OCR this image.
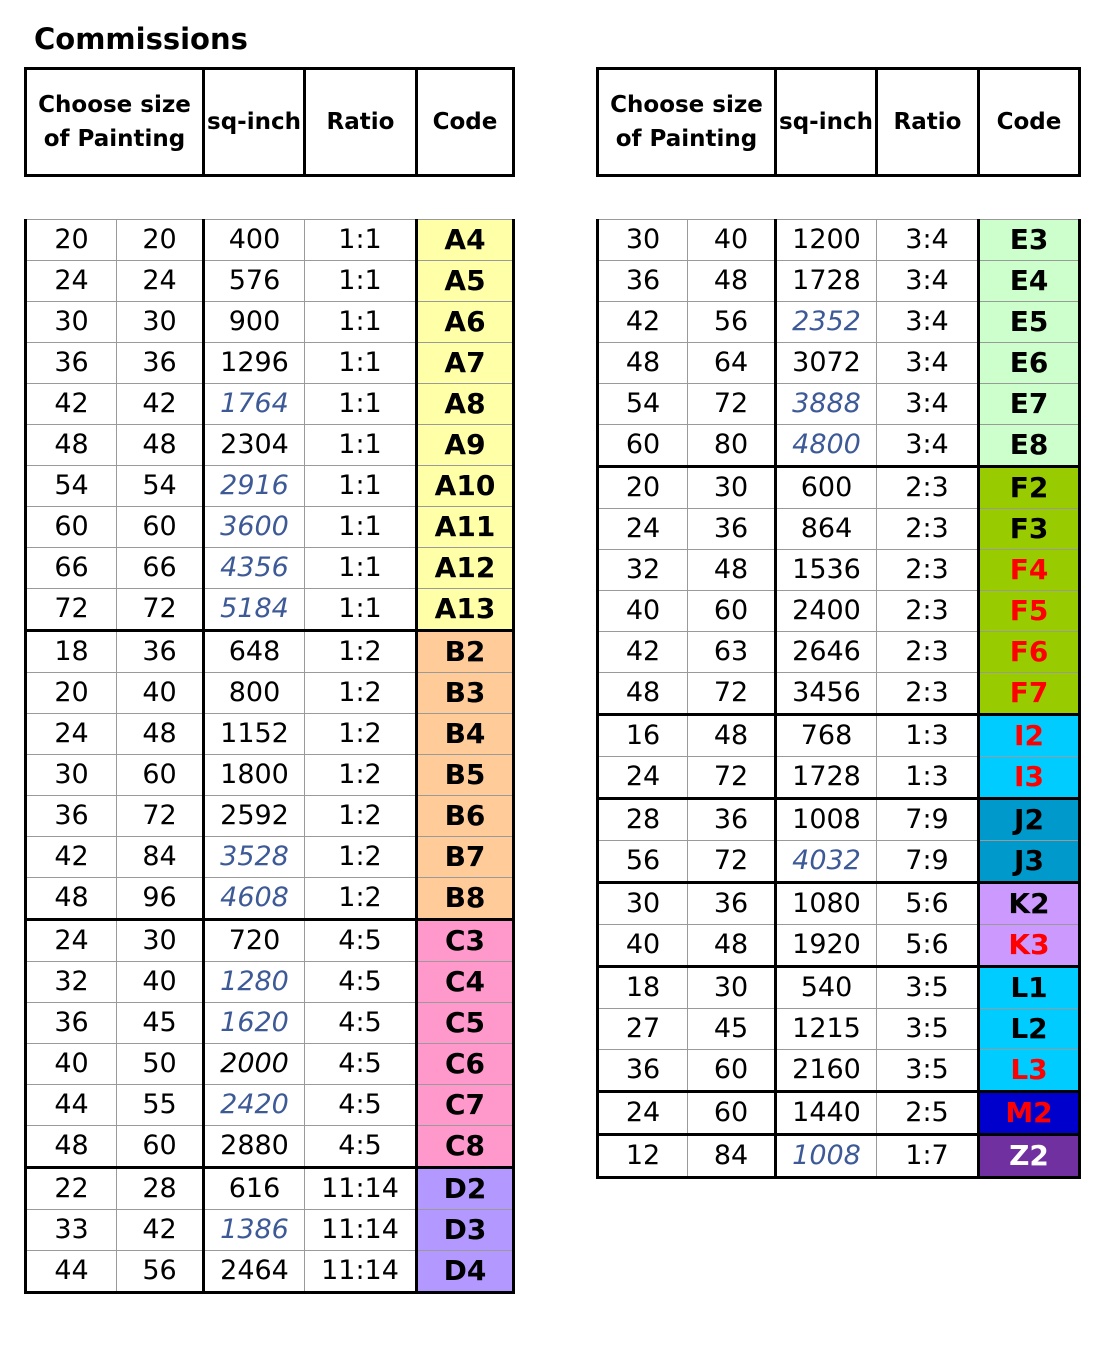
Commissions
Choose size of Painting	sq-inch	Ratio	Code
Choose size of Painting	sq-inch	Ratio	Code
20	20	400	1:1	A4
24	24	576	1:1	A5
30	30	900	1:1	A6
36	36	1296	1:1	A7
42	42	1764	1:1	A8
48	48	2304	1:1	A9
54	54	2916	1:1	A10
60	60	3600	1:1	A11
66	66	4356	1:1	A12
72	72	5184	1:1	A13
18	36	648	1:2	B2
20	40	800	1:2	B3
24	48	1152	1:2	B4
30	60	1800	1:2	B5
36	72	2592	1:2	B6
42	84	3528	1:2	B7
48	96	4608	1:2	B8
24	30	720	4:5	C3
32	40	1280	4:5	C4
36	45	1620	4:5	C5
40	50	2000	4:5	C6
44	55	2420	4:5	C7
48	60	2880	4:5	C8
22	28	616	11:14	D2
33	42	1386	11:14	D3
44	56	2464	11:14	D4
30	40	1200	3:4	E3
36	48	1728	3:4	E4
42	56	2352	3:4	E5
48	64	3072	3:4	E6
54	72	3888	3:4	E7
60	80	4800	3:4	E8
20	30	600	2:3	F2
24	36	864	2:3	F3
32	48	1536	2:3	F4
40	60	2400	2:3	F5
42	63	2646	2:3	F6
48	72	3456	2:3	F7
16	48	768	1:3	I2
24	72	1728	1:3	I3
28	36	1008	7:9	J2
56	72	4032	7:9	J3
30	36	1080	5:6	K2
40	48	1920	5:6	K3
18	30	540	3:5	L1
27	45	1215	3:5	L2
36	60	2160	3:5	L3
24	60	1440	2:5	M2
12	84	1008	1:7	Z2
